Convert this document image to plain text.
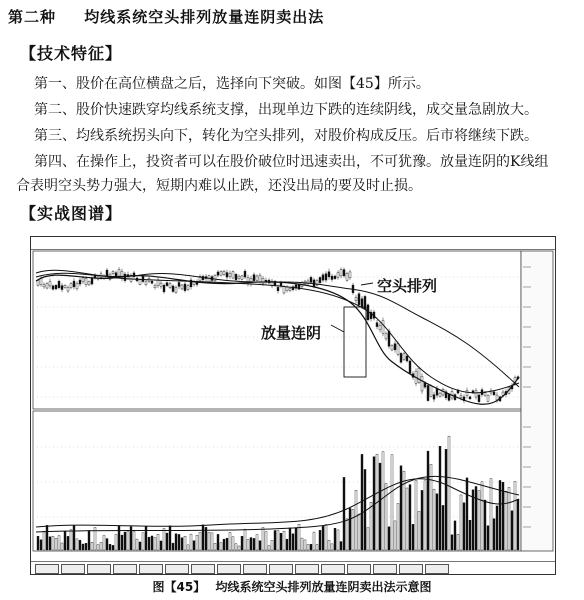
第二种 均线系统空头排列放量连阴卖出法
【技术特征】
第一、股价在高位横盘之后，选择向下突破。如图【45】所示。
第二、股价快速跌穿均线系统支撑，出现单边下跌的连续阴线，成交量急剧放大。
第三、均线系统拐头向下，转化为空头排列，对股价构成反压。后市将继续下跌。
第四、在操作上，投资者可以在股价破位时迅速卖出，不可犹豫。放量连阴的K线组
合表明空头势力强大，短期内难以止跌，还没出局的要及时止损。
【实战图谱】
空头排列
放量连阴
图【45】 均线系统空头排列放量连阴卖出法示意图
